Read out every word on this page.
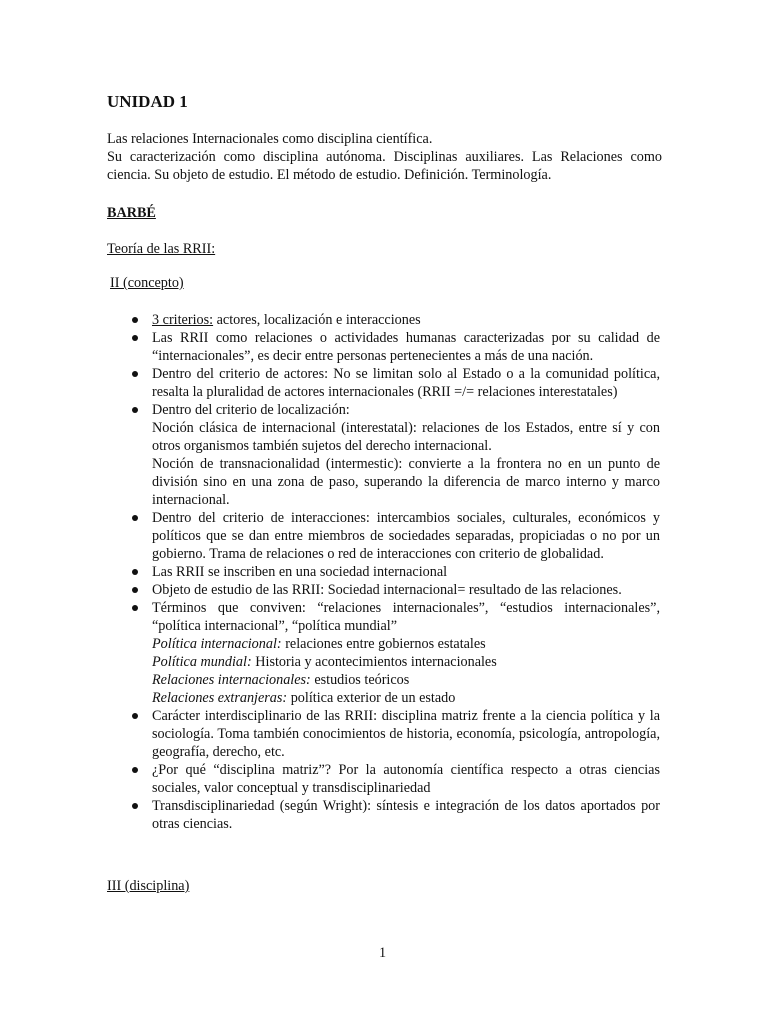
UNIDAD 1
Las relaciones Internacionales como disciplina científica.
Su caracterización como disciplina autónoma. Disciplinas auxiliares. Las Relaciones como ciencia. Su objeto de estudio. El método de estudio. Definición. Terminología.
BARBÉ
Teoría de las RRII:
II (concepto)
3 criterios: actores, localización e interacciones
Las RRII como relaciones o actividades humanas caracterizadas por su calidad de “internacionales”, es decir entre personas pertenecientes a más de una nación.
Dentro del criterio de actores: No se limitan solo al Estado o a la comunidad política, resalta la pluralidad de actores internacionales (RRII =/= relaciones interestatales)
Dentro del criterio de localización:
Noción clásica de internacional (interestatal): relaciones de los Estados, entre sí y con otros organismos también sujetos del derecho internacional.
Noción de transnacionalidad (intermestic): convierte a la frontera no en un punto de división sino en una zona de paso, superando la diferencia de marco interno y marco internacional.
Dentro del criterio de interacciones: intercambios sociales, culturales, económicos y políticos que se dan entre miembros de sociedades separadas, propiciadas o no por un gobierno. Trama de relaciones o red de interacciones con criterio de globalidad.
Las RRII se inscriben en una sociedad internacional
Objeto de estudio de las RRII: Sociedad internacional= resultado de las relaciones.
Términos que conviven: “relaciones internacionales”, “estudios internacionales”, “política internacional”, “política mundial”
Política internacional: relaciones entre gobiernos estatales
Política mundial: Historia y acontecimientos internacionales
Relaciones internacionales: estudios teóricos
Relaciones extranjeras: política exterior de un estado
Carácter interdisciplinario de las RRII: disciplina matriz frente a la ciencia política y la sociología. Toma también conocimientos de historia, economía, psicología, antropología, geografía, derecho, etc.
¿Por qué “disciplina matriz”? Por la autonomía científica respecto a otras ciencias sociales, valor conceptual y transdisciplinariedad
Transdisciplinariedad (según Wright): síntesis e integración de los datos aportados por otras ciencias.
III (disciplina)
1
